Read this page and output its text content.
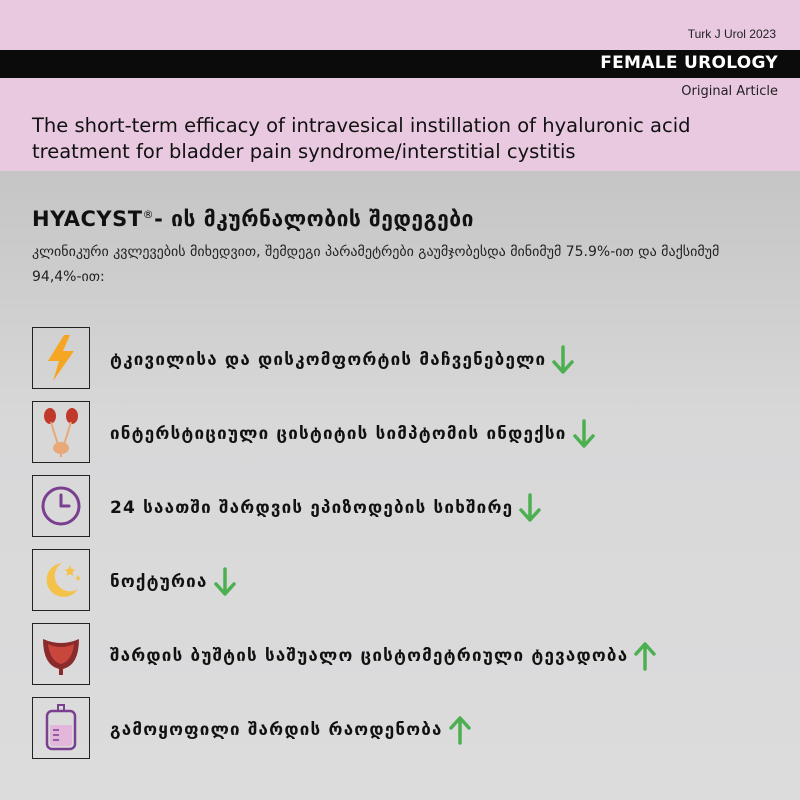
Turk J Urol 2023
FEMALE UROLOGY
Original Article
The short-term efficacy of intravesical instillation of hyaluronic acid treatment for bladder pain syndrome/interstitial cystitis
HYACYST®- ის მკურნალობის შედეგები
კლინიკური კვლევების მიხედვით, შემდეგი პარამეტრები გაუმჯობესდა მინიმუმ 75.9%-ით და მაქსიმუმ 94,4%-ით:
ტკივილისა და დისკომფორტის მაჩვენებელი
ინტერსტიციული ცისტიტის სიმპტომის ინდექსი
24 საათში შარდვის ეპიზოდების სიხშირე
ნოქტურია
შარდის ბუშტის საშუალო ცისტომეტრიული ტევადობა
გამოყოფილი შარდის რაოდენობა
